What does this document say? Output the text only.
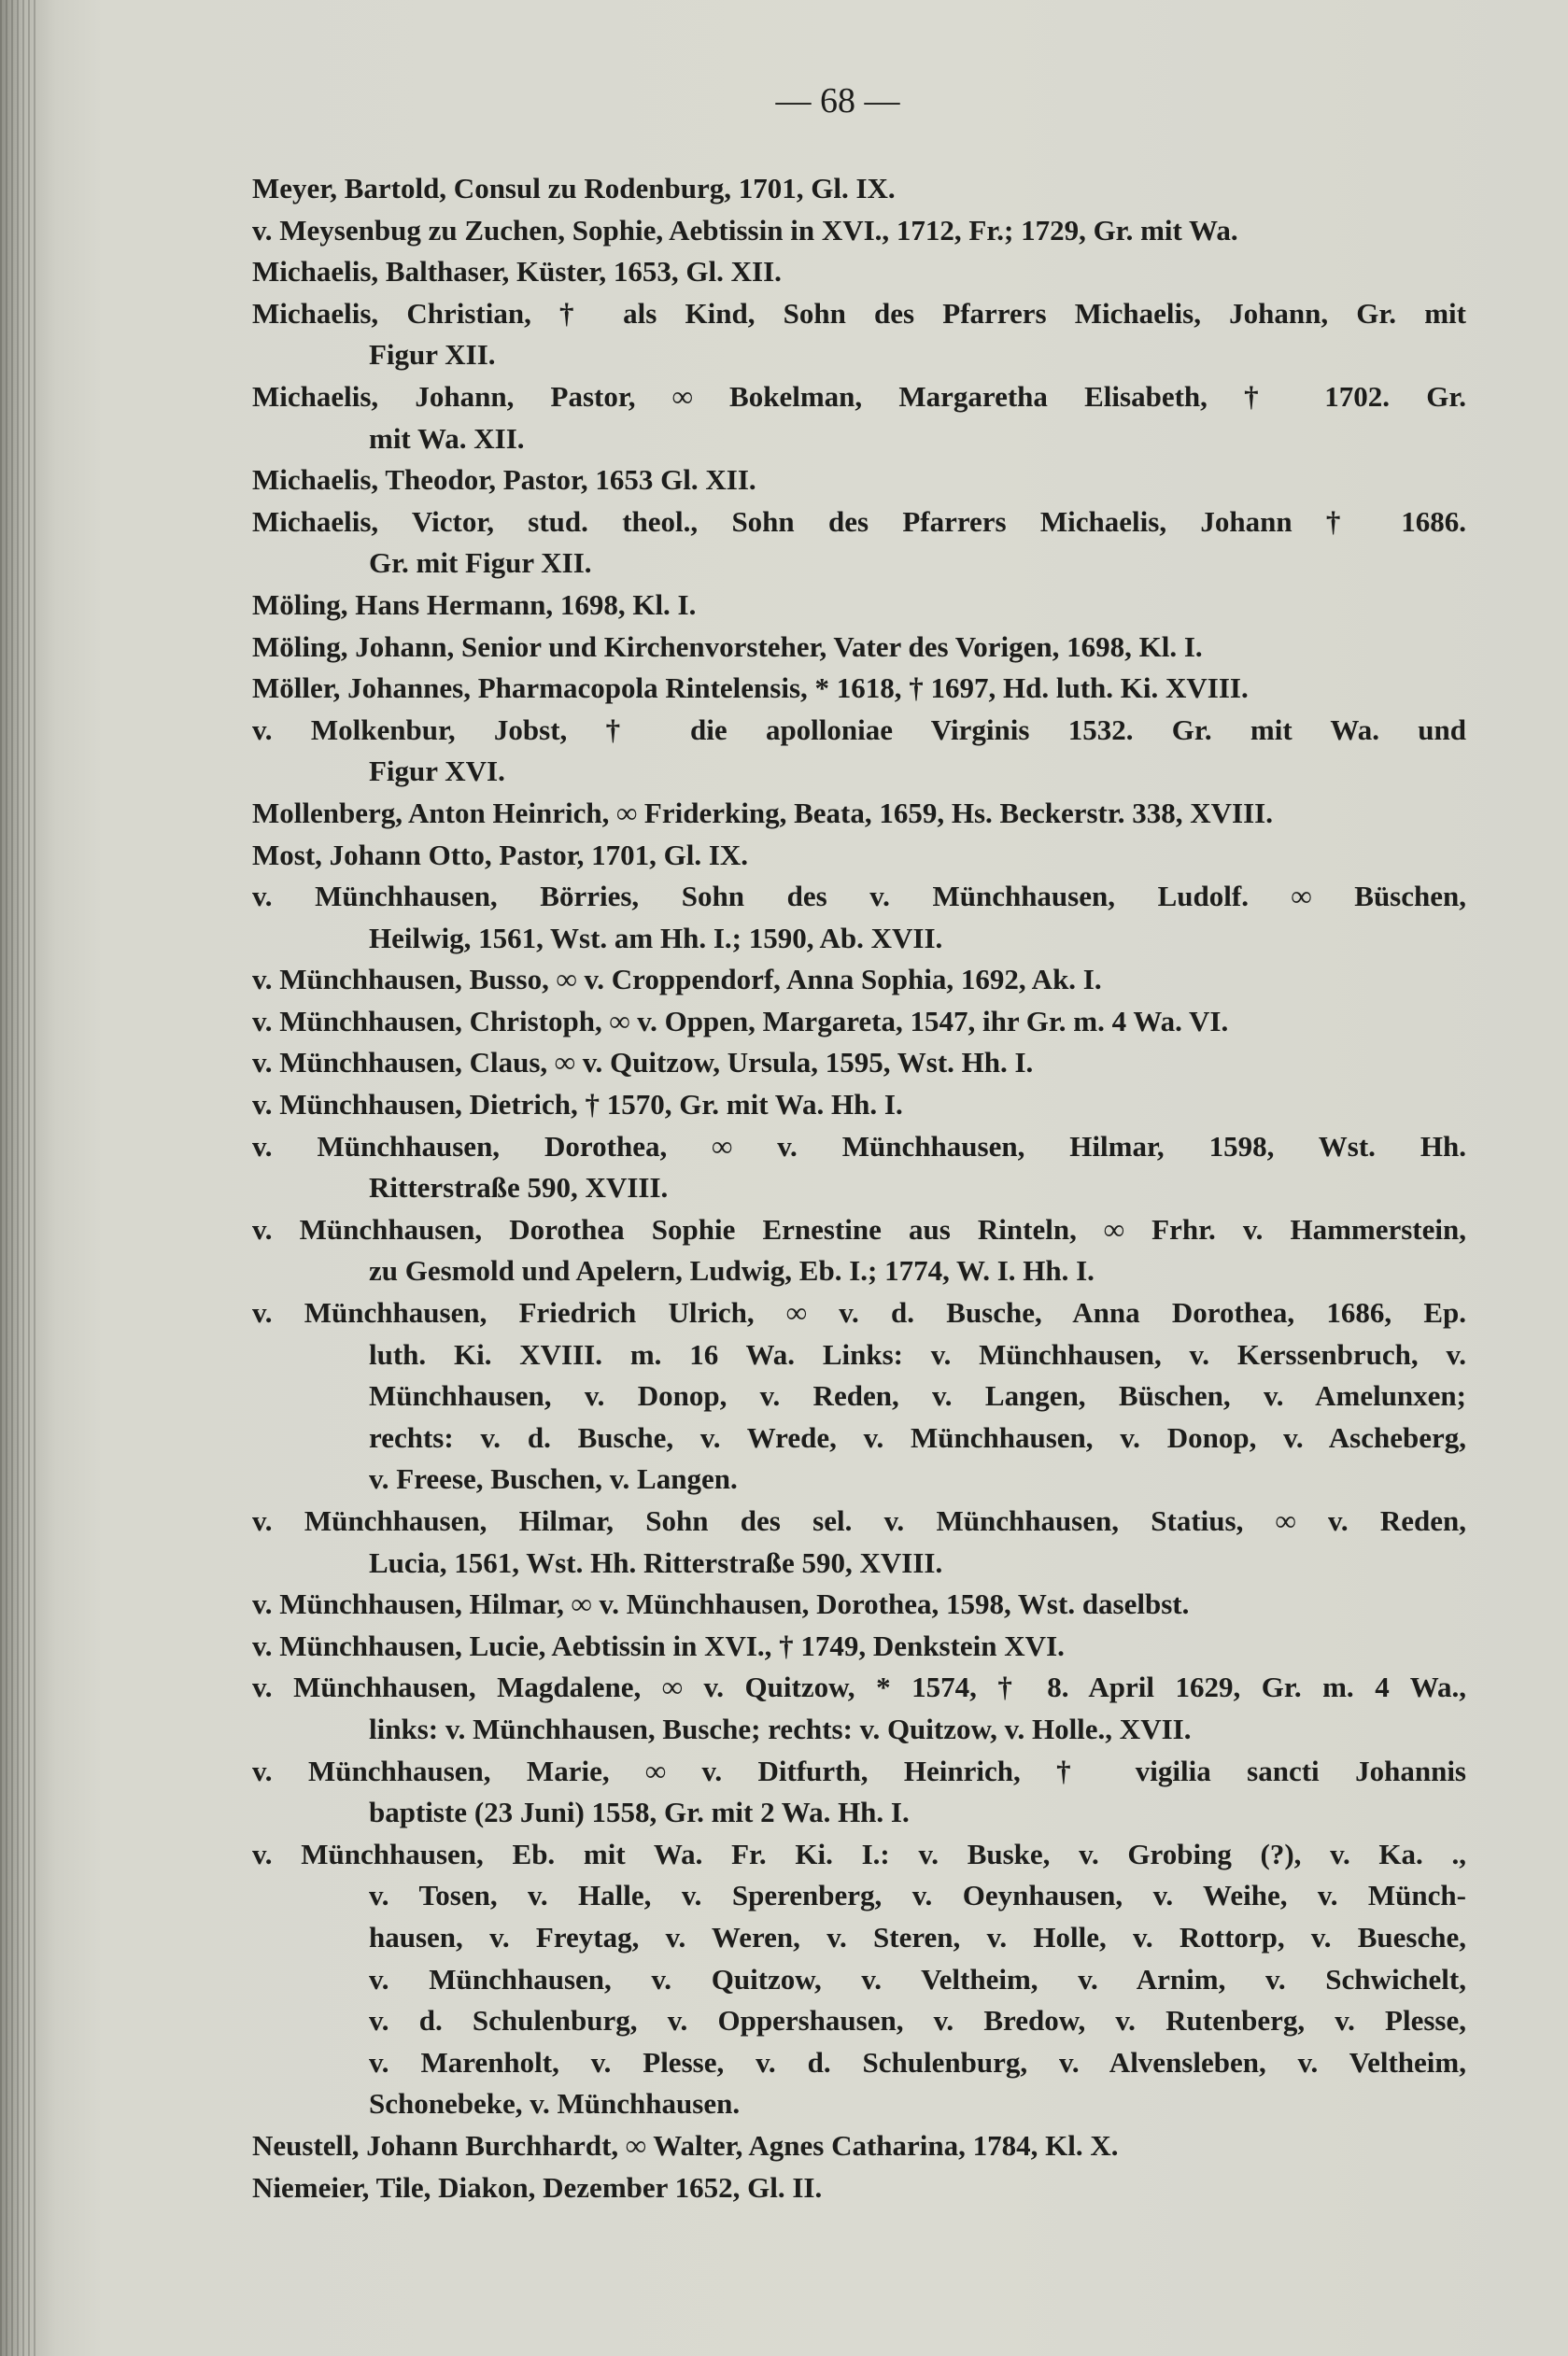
— 68 —
Meyer, Bartold, Consul zu Rodenburg, 1701, Gl. IX.
v. Meysenbug zu Zuchen, Sophie, Aebtissin in XVI., 1712, Fr.; 1729, Gr. mit Wa.
Michaelis, Balthaser, Küster, 1653, Gl. XII.
Michaelis, Christian, † als Kind, Sohn des Pfarrers Michaelis, Johann, Gr. mit
Figur XII.
Michaelis, Johann, Pastor, ∞ Bokelman, Margaretha Elisabeth, † 1702. Gr.
mit Wa. XII.
Michaelis, Theodor, Pastor, 1653 Gl. XII.
Michaelis, Victor, stud. theol., Sohn des Pfarrers Michaelis, Johann † 1686.
Gr. mit Figur XII.
Möling, Hans Hermann, 1698, Kl. I.
Möling, Johann, Senior und Kirchenvorsteher, Vater des Vorigen, 1698, Kl. I.
Möller, Johannes, Pharmacopola Rintelensis, * 1618, † 1697, Hd. luth. Ki. XVIII.
v. Molkenbur, Jobst, † die apolloniae Virginis 1532. Gr. mit Wa. und
Figur XVI.
Mollenberg, Anton Heinrich, ∞ Friderking, Beata, 1659, Hs. Beckerstr. 338, XVIII.
Most, Johann Otto, Pastor, 1701, Gl. IX.
v. Münchhausen, Börries, Sohn des v. Münchhausen, Ludolf. ∞ Büschen,
Heilwig, 1561, Wst. am Hh. I.; 1590, Ab. XVII.
v. Münchhausen, Busso, ∞ v. Croppendorf, Anna Sophia, 1692, Ak. I.
v. Münchhausen, Christoph, ∞ v. Oppen, Margareta, 1547, ihr Gr. m. 4 Wa. VI.
v. Münchhausen, Claus, ∞ v. Quitzow, Ursula, 1595, Wst. Hh. I.
v. Münchhausen, Dietrich, † 1570, Gr. mit Wa. Hh. I.
v. Münchhausen, Dorothea, ∞ v. Münchhausen, Hilmar, 1598, Wst. Hh.
Ritterstraße 590, XVIII.
v. Münchhausen, Dorothea Sophie Ernestine aus Rinteln, ∞ Frhr. v. Hammerstein,
zu Gesmold und Apelern, Ludwig, Eb. I.; 1774, W. I. Hh. I.
v. Münchhausen, Friedrich Ulrich, ∞ v. d. Busche, Anna Dorothea, 1686, Ep.
luth. Ki. XVIII. m. 16 Wa. Links: v. Münchhausen, v. Kerssenbruch, v.
Münchhausen, v. Donop, v. Reden, v. Langen, Büschen, v. Amelunxen;
rechts: v. d. Busche, v. Wrede, v. Münchhausen, v. Donop, v. Ascheberg,
v. Freese, Buschen, v. Langen.
v. Münchhausen, Hilmar, Sohn des sel. v. Münchhausen, Statius, ∞ v. Reden,
Lucia, 1561, Wst. Hh. Ritterstraße 590, XVIII.
v. Münchhausen, Hilmar, ∞ v. Münchhausen, Dorothea, 1598, Wst. daselbst.
v. Münchhausen, Lucie, Aebtissin in XVI., † 1749, Denkstein XVI.
v. Münchhausen, Magdalene, ∞ v. Quitzow, * 1574, † 8. April 1629, Gr. m. 4 Wa.,
links: v. Münchhausen, Busche; rechts: v. Quitzow, v. Holle., XVII.
v. Münchhausen, Marie, ∞ v. Ditfurth, Heinrich, † vigilia sancti Johannis
baptiste (23 Juni) 1558, Gr. mit 2 Wa. Hh. I.
v. Münchhausen, Eb. mit Wa. Fr. Ki. I.: v. Buske, v. Grobing (?), v. Ka. .,
v. Tosen, v. Halle, v. Sperenberg, v. Oeynhausen, v. Weihe, v. Münch-
hausen, v. Freytag, v. Weren, v. Steren, v. Holle, v. Rottorp, v. Buesche,
v. Münchhausen, v. Quitzow, v. Veltheim, v. Arnim, v. Schwichelt,
v. d. Schulenburg, v. Oppershausen, v. Bredow, v. Rutenberg, v. Plesse,
v. Marenholt, v. Plesse, v. d. Schulenburg, v. Alvensleben, v. Veltheim,
Schonebeke, v. Münchhausen.
Neustell, Johann Burchhardt, ∞ Walter, Agnes Catharina, 1784, Kl. X.
Niemeier, Tile, Diakon, Dezember 1652, Gl. II.
